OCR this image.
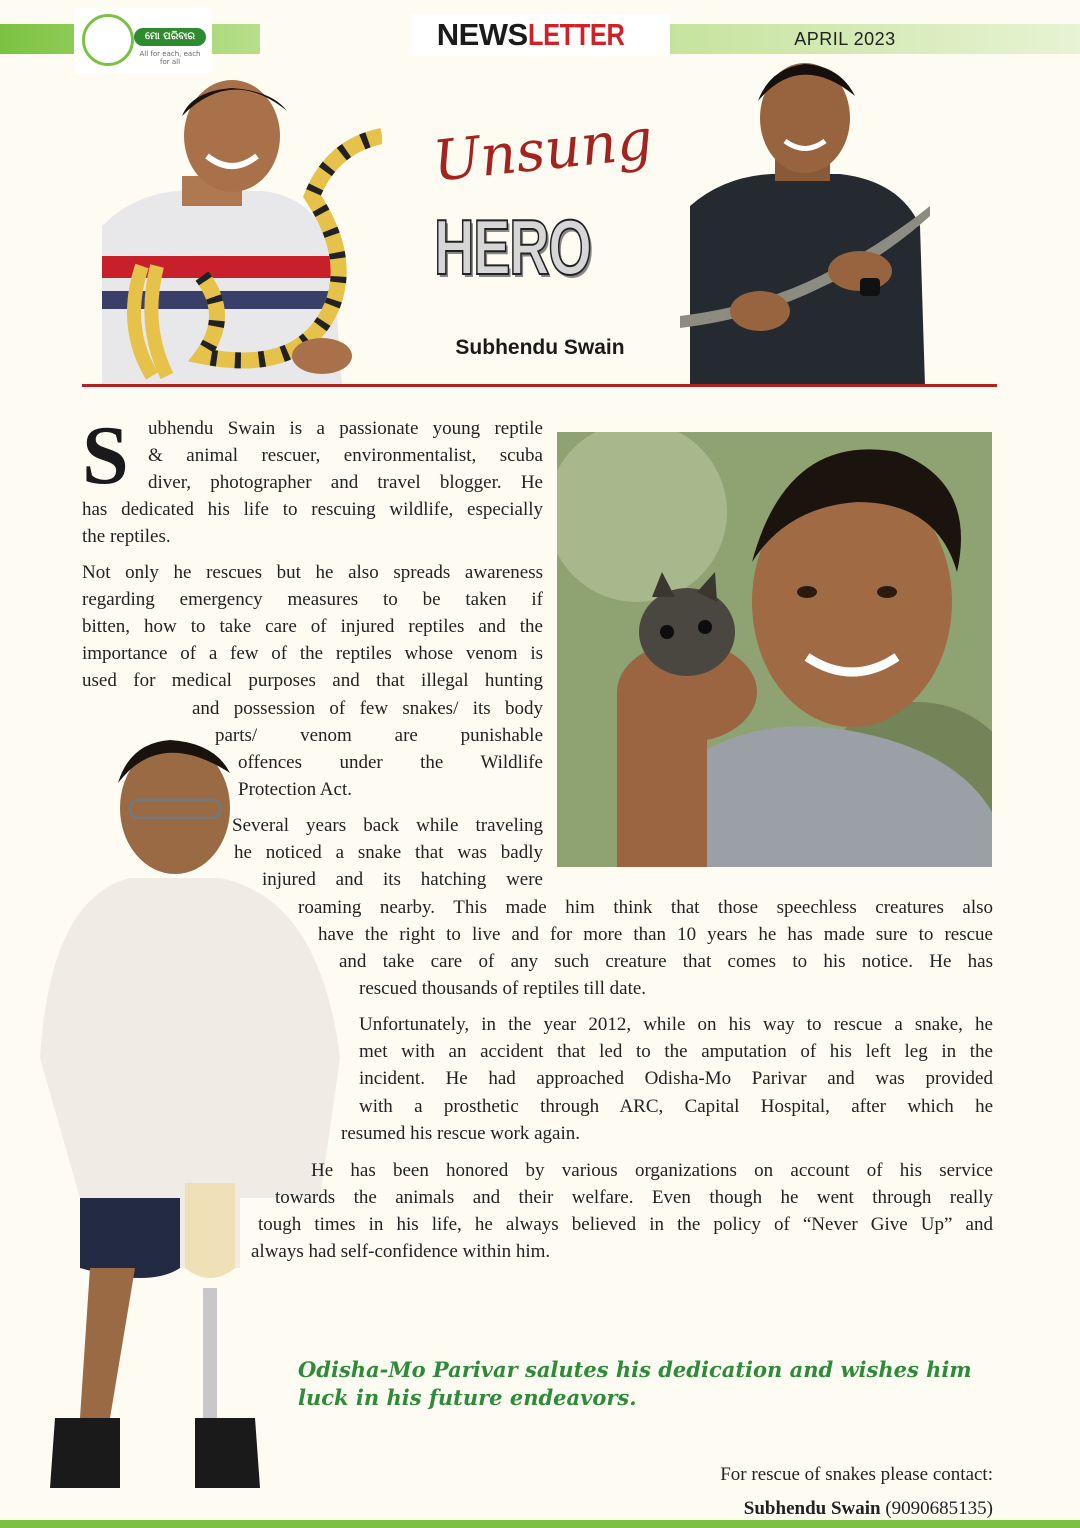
ମୋ ପରିବାର
All for each, each for all
NEWSLETTER	APRIL 2023
Unsung
HERO
Subhendu Swain
S ubhendu Swain is a passionate young reptile
& animal rescuer, environmentalist, scuba
diver, photographer and travel blogger. He
has dedicated his life to rescuing wildlife, especially
the reptiles.
Not only he rescues but he also spreads awareness
regarding emergency measures to be taken if
bitten, how to take care of injured reptiles and the
importance of a few of the reptiles whose venom is
used for medical purposes and that illegal hunting
and possession of few snakes/ its body
parts/ venom are punishable
offences under the Wildlife
Protection Act.
Several years back while traveling
he noticed a snake that was badly
injured and its hatching were
roaming nearby. This made him think that those speechless creatures also
have the right to live and for more than 10 years he has made sure to rescue
and take care of any such creature that comes to his notice. He has
rescued thousands of reptiles till date.
Unfortunately, in the year 2012, while on his way to rescue a snake, he
met with an accident that led to the amputation of his left leg in the
incident. He had approached Odisha-Mo Parivar and was provided
with a prosthetic through ARC, Capital Hospital, after which he
resumed his rescue work again.
He has been honored by various organizations on account of his service
towards the animals and their welfare. Even though he went through really
tough times in his life, he always believed in the policy of “Never Give Up” and
always had self-confidence within him.
Odisha-Mo Parivar salutes his dedication and wishes him luck in his future endeavors.
For rescue of snakes please contact:
Subhendu Swain (9090685135)
